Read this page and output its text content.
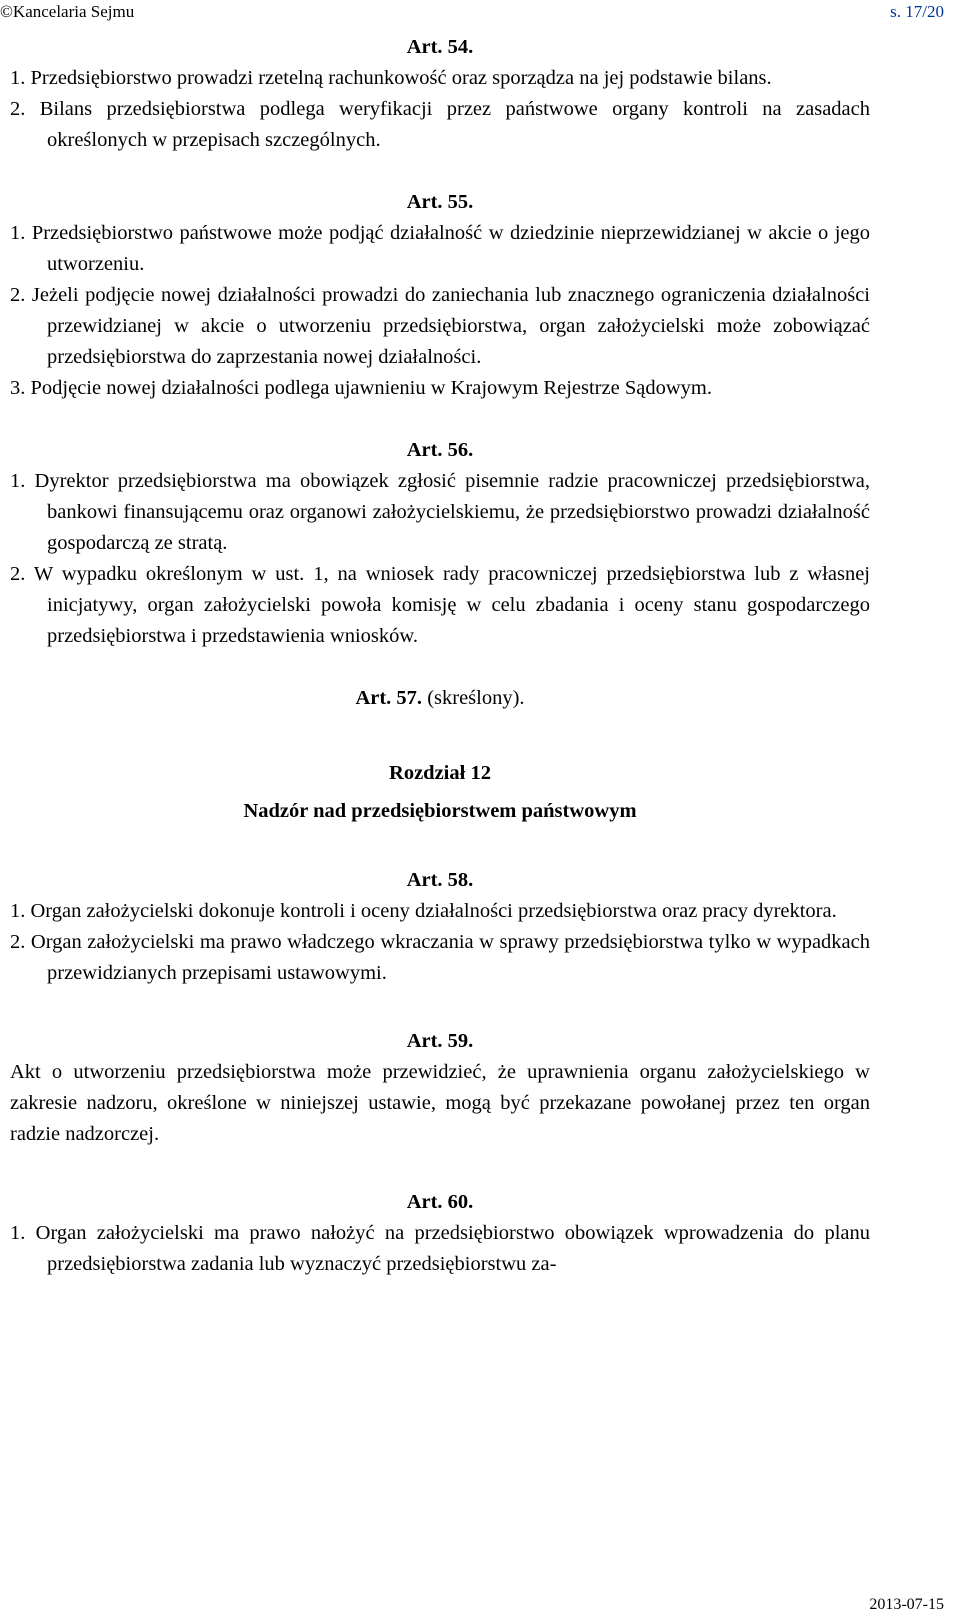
©Kancelaria Sejmu	s. 17/20

Art. 54.

1. Przedsiębiorstwo prowadzi rzetelną rachunkowość oraz sporządza na jej podstawie bilans.

2. Bilans przedsiębiorstwa podlega weryfikacji przez państwowe organy kontroli na zasadach określonych w przepisach szczególnych.

Art. 55.

1. Przedsiębiorstwo państwowe może podjąć działalność w dziedzinie nieprzewidzianej w akcie o jego utworzeniu.

2. Jeżeli podjęcie nowej działalności prowadzi do zaniechania lub znacznego ograniczenia działalności przewidzianej w akcie o utworzeniu przedsiębiorstwa, organ założycielski może zobowiązać przedsiębiorstwa do zaprzestania nowej działalności.

3. Podjęcie nowej działalności podlega ujawnieniu w Krajowym Rejestrze Sądowym.

Art. 56.

1. Dyrektor przedsiębiorstwa ma obowiązek zgłosić pisemnie radzie pracowniczej przedsiębiorstwa, bankowi finansującemu oraz organowi założycielskiemu, że przedsiębiorstwo prowadzi działalność gospodarczą ze stratą.

2. W wypadku określonym w ust. 1, na wniosek rady pracowniczej przedsiębiorstwa lub z własnej inicjatywy, organ założycielski powoła komisję w celu zbadania i oceny stanu gospodarczego przedsiębiorstwa i przedstawienia wniosków.

Art. 57. (skreślony).

Rozdział 12

Nadzór nad przedsiębiorstwem państwowym

Art. 58.

1. Organ założycielski dokonuje kontroli i oceny działalności przedsiębiorstwa oraz pracy dyrektora.

2. Organ założycielski ma prawo władczego wkraczania w sprawy przedsiębiorstwa tylko w wypadkach przewidzianych przepisami ustawowymi.

Art. 59.

Akt o utworzeniu przedsiębiorstwa może przewidzieć, że uprawnienia organu założycielskiego w zakresie nadzoru, określone w niniejszej ustawie, mogą być przekazane powołanej przez ten organ radzie nadzorczej.

Art. 60.

1. Organ założycielski ma prawo nałożyć na przedsiębiorstwo obowiązek wprowadzenia do planu przedsiębiorstwa zadania lub wyznaczyć przedsiębiorstwu za-

2013-07-15
